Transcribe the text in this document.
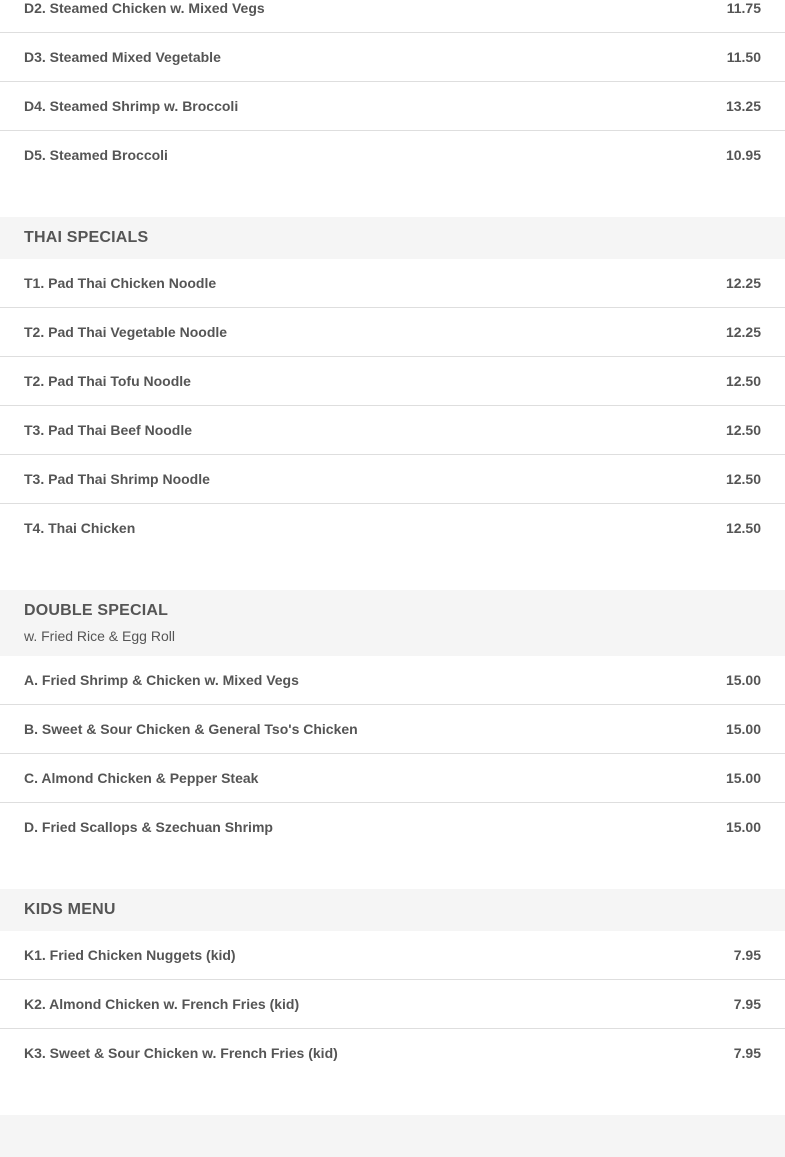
D2. Steamed Chicken w. Mixed Vegs	11.75
D3. Steamed Mixed Vegetable	11.50
D4. Steamed Shrimp w. Broccoli	13.25
D5. Steamed Broccoli	10.95
THAI SPECIALS
T1. Pad Thai Chicken Noodle	12.25
T2. Pad Thai Vegetable Noodle	12.25
T2. Pad Thai Tofu Noodle	12.50
T3. Pad Thai Beef Noodle	12.50
T3. Pad Thai Shrimp Noodle	12.50
T4. Thai Chicken	12.50
DOUBLE SPECIAL
w. Fried Rice & Egg Roll
A. Fried Shrimp & Chicken w. Mixed Vegs	15.00
B. Sweet & Sour Chicken & General Tso's Chicken	15.00
C. Almond Chicken & Pepper Steak	15.00
D. Fried Scallops & Szechuan Shrimp	15.00
KIDS MENU
K1. Fried Chicken Nuggets (kid)	7.95
K2. Almond Chicken w. French Fries (kid)	7.95
K3. Sweet & Sour Chicken w. French Fries (kid)	7.95
